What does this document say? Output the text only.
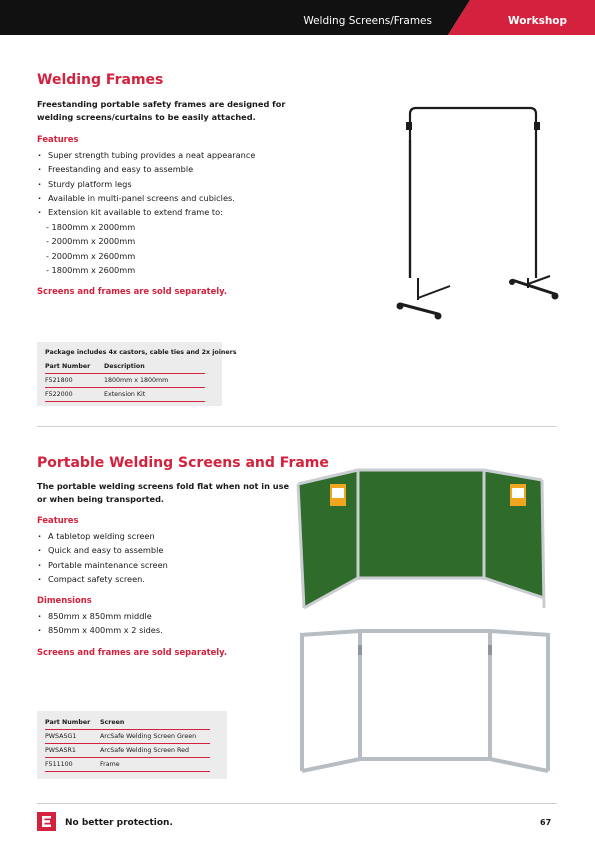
Welding Screens/Frames	Workshop
Welding Frames
Freestanding portable safety frames are designed for welding screens/curtains to be easily attached.
Features
· Super strength tubing provides a neat appearance
· Freestanding and easy to assemble
· Sturdy platform legs
· Available in multi-panel screens and cubicles.
· Extension kit available to extend frame to:
- 1800mm x 2000mm
- 2000mm x 2000mm
- 2000mm x 2600mm
- 1800mm x 2600mm
Screens and frames are sold separately.
Package includes 4x castors, cable ties and 2x joiners
Part Number	Description
F521800	1800mm x 1800mm
F522000	Extension Kit
Portable Welding Screens and Frame
The portable welding screens fold flat when not in use or when being transported.
Features
· A tabletop welding screen
· Quick and easy to assemble
· Portable maintenance screen
· Compact safety screen.
Dimensions
· 850mm x 850mm middle
· 850mm x 400mm x 2 sides.
Screens and frames are sold separately.
Part Number	Screen
PWSASG1	ArcSafe Welding Screen Green
PWSASR1	ArcSafe Welding Screen Red
F511100	Frame
No better protection.	67
